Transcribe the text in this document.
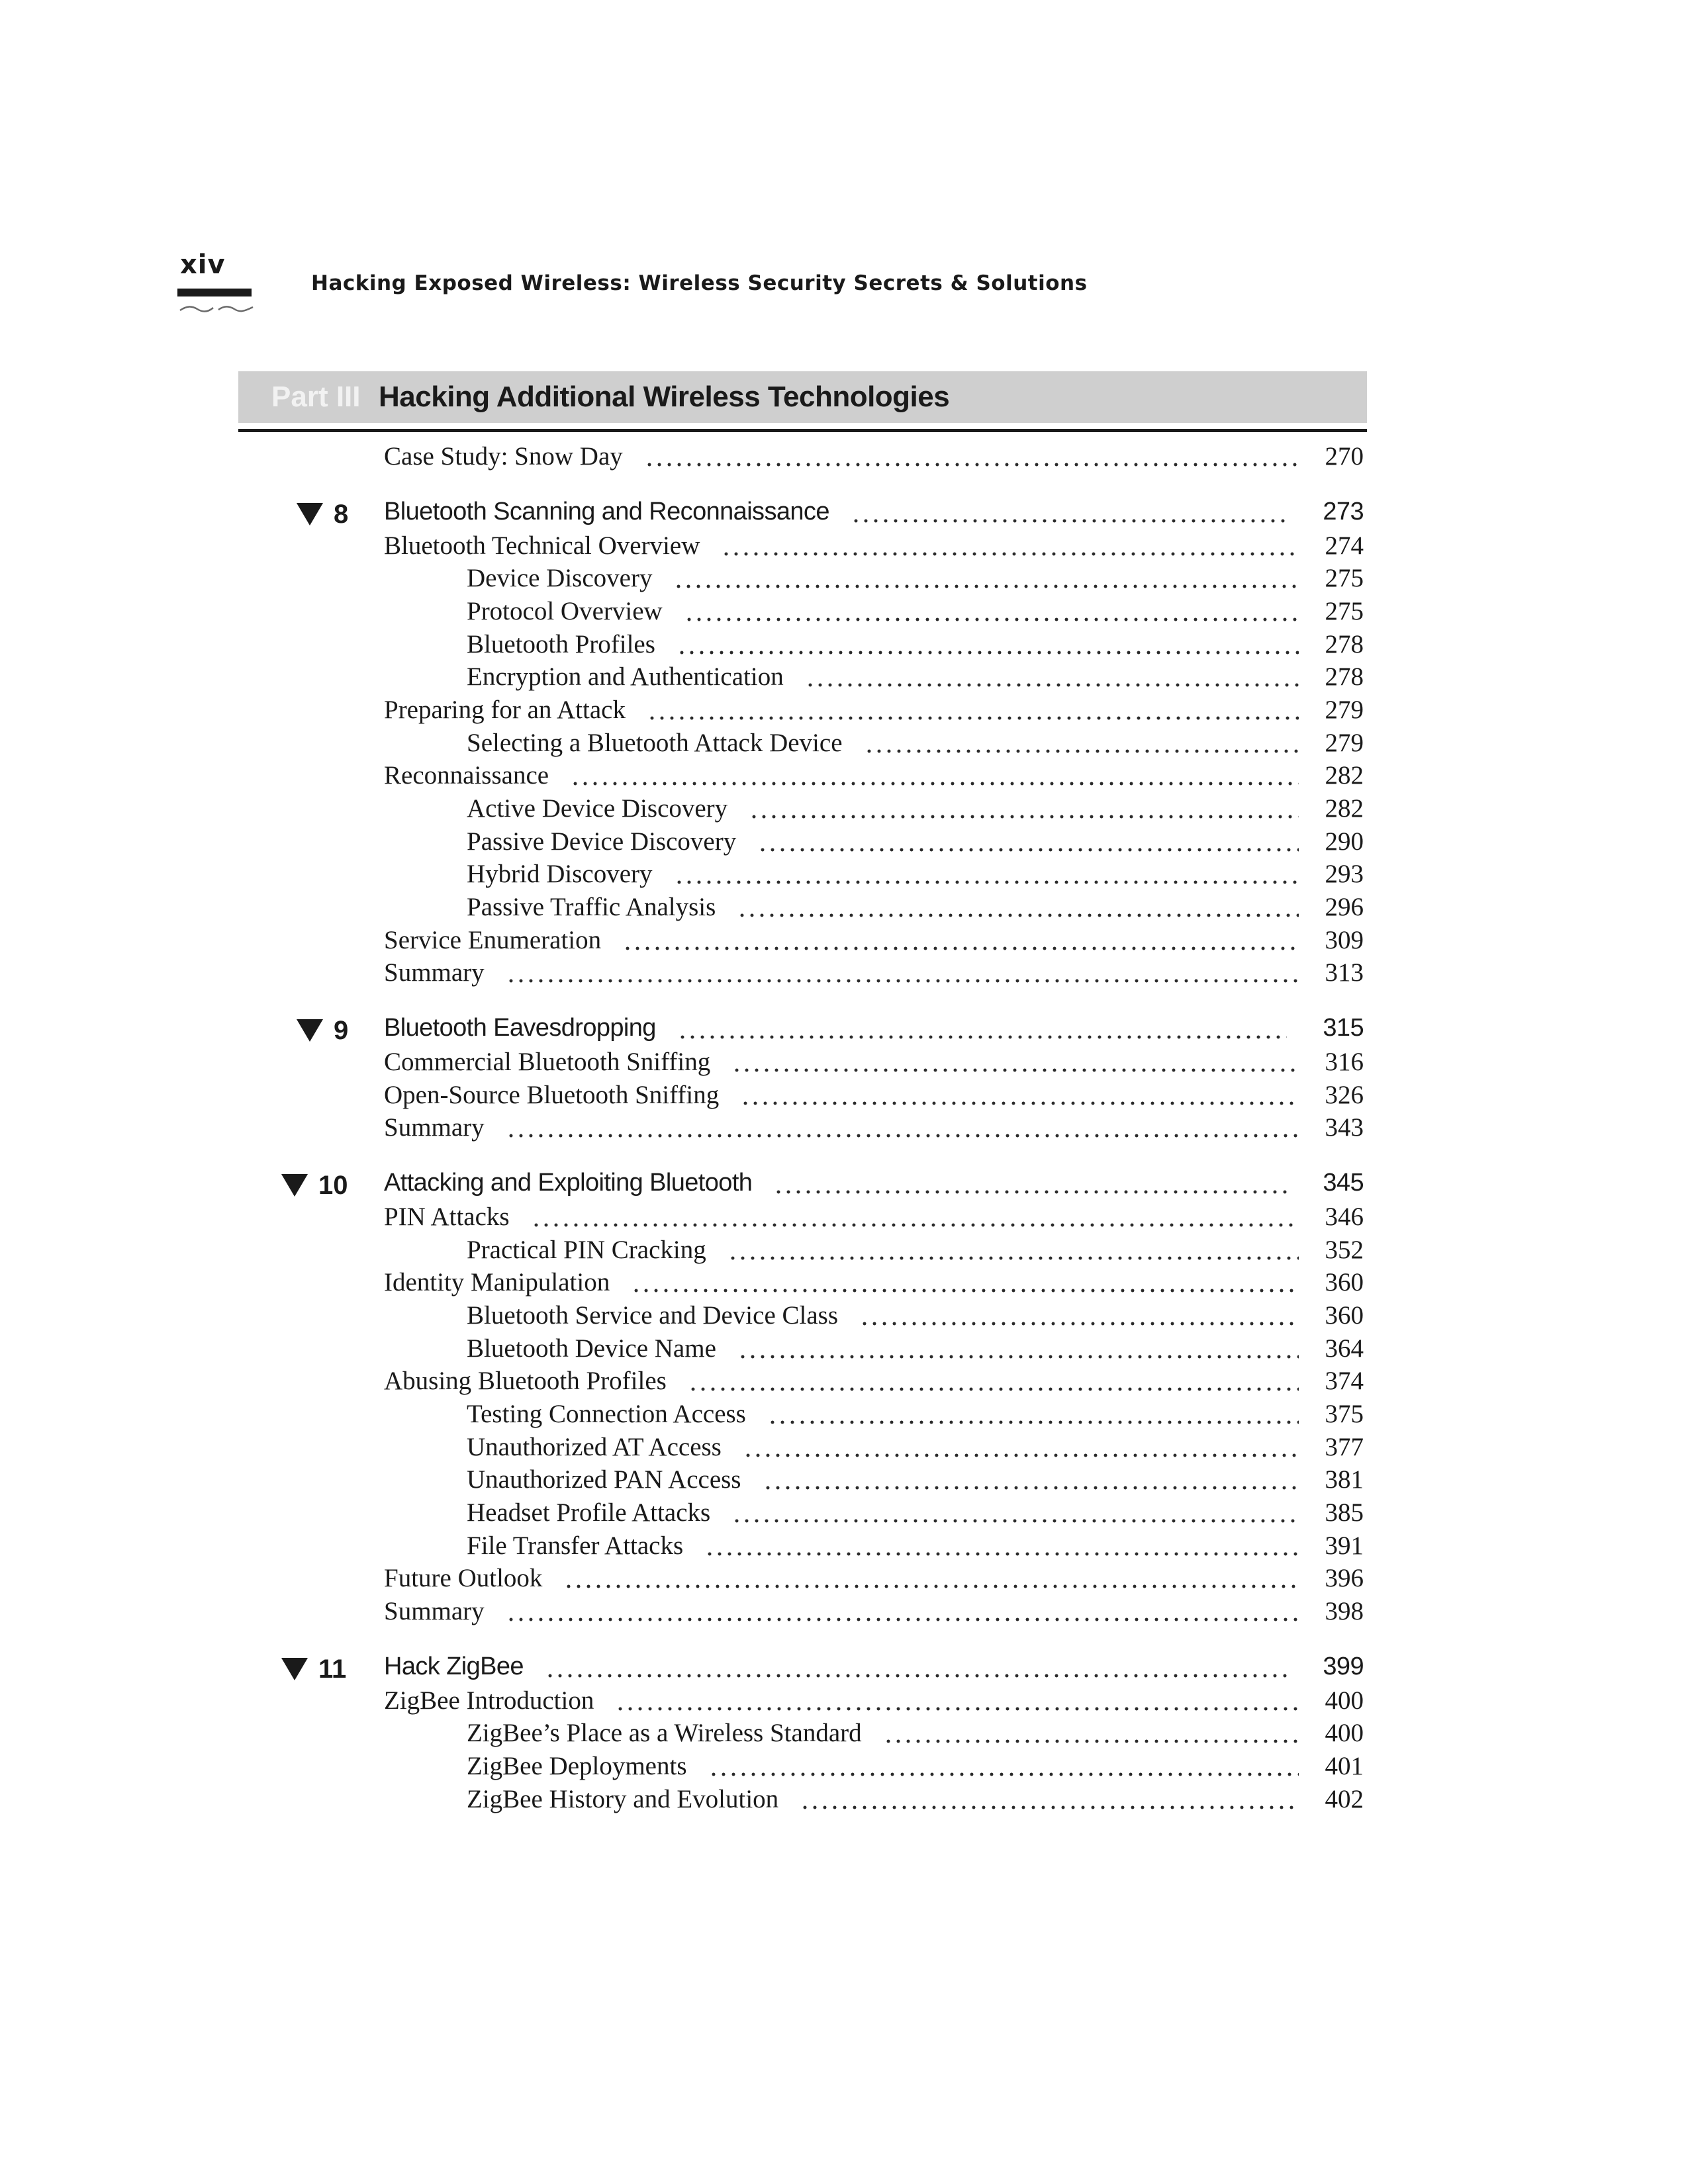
xiv
Hacking Exposed Wireless: Wireless Security Secrets & Solutions
Part III Hacking Additional Wireless Technologies
Case Study: Snow Day	270
8 Bluetooth Scanning and Reconnaissance	273
Bluetooth Technical Overview	274
Device Discovery	275
Protocol Overview	275
Bluetooth Profiles	278
Encryption and Authentication	278
Preparing for an Attack	279
Selecting a Bluetooth Attack Device	279
Reconnaissance	282
Active Device Discovery	282
Passive Device Discovery	290
Hybrid Discovery	293
Passive Traffic Analysis	296
Service Enumeration	309
Summary	313
9 Bluetooth Eavesdropping	315
Commercial Bluetooth Sniffing	316
Open-Source Bluetooth Sniffing	326
Summary	343
10 Attacking and Exploiting Bluetooth	345
PIN Attacks	346
Practical PIN Cracking	352
Identity Manipulation	360
Bluetooth Service and Device Class	360
Bluetooth Device Name	364
Abusing Bluetooth Profiles	374
Testing Connection Access	375
Unauthorized AT Access	377
Unauthorized PAN Access	381
Headset Profile Attacks	385
File Transfer Attacks	391
Future Outlook	396
Summary	398
11 Hack ZigBee	399
ZigBee Introduction	400
ZigBee’s Place as a Wireless Standard	400
ZigBee Deployments	401
ZigBee History and Evolution	402
